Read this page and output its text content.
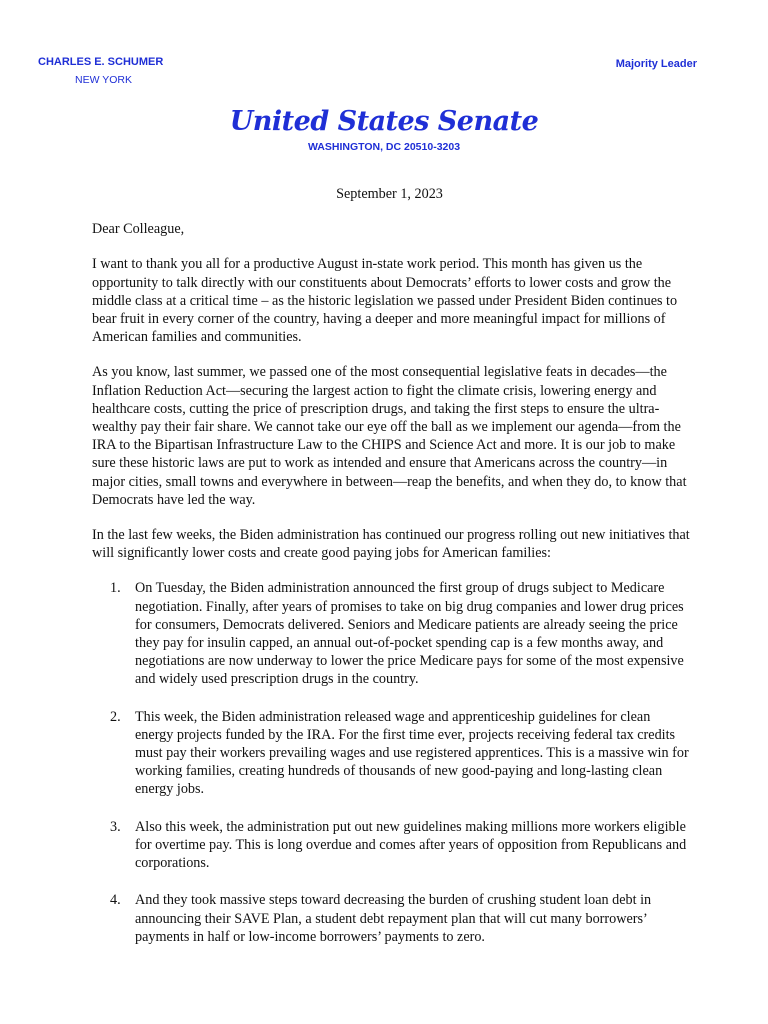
CHARLES E. SCHUMER
NEW YORK
Majority Leader
United States Senate
WASHINGTON, DC 20510-3203
September 1, 2023
Dear Colleague,
I want to thank you all for a productive August in-state work period. This month has given us the opportunity to talk directly with our constituents about Democrats’ efforts to lower costs and grow the middle class at a critical time – as the historic legislation we passed under President Biden continues to bear fruit in every corner of the country, having a deeper and more meaningful impact for millions of American families and communities.
As you know, last summer, we passed one of the most consequential legislative feats in decades—the Inflation Reduction Act—securing the largest action to fight the climate crisis, lowering energy and healthcare costs, cutting the price of prescription drugs, and taking the first steps to ensure the ultra-wealthy pay their fair share. We cannot take our eye off the ball as we implement our agenda—from the IRA to the Bipartisan Infrastructure Law to the CHIPS and Science Act and more. It is our job to make sure these historic laws are put to work as intended and ensure that Americans across the country—in major cities, small towns and everywhere in between—reap the benefits, and when they do, to know that Democrats have led the way.
In the last few weeks, the Biden administration has continued our progress rolling out new initiatives that will significantly lower costs and create good paying jobs for American families:
1. On Tuesday, the Biden administration announced the first group of drugs subject to Medicare negotiation. Finally, after years of promises to take on big drug companies and lower drug prices for consumers, Democrats delivered. Seniors and Medicare patients are already seeing the price they pay for insulin capped, an annual out-of-pocket spending cap is a few months away, and negotiations are now underway to lower the price Medicare pays for some of the most expensive and widely used prescription drugs in the country.
2. This week, the Biden administration released wage and apprenticeship guidelines for clean energy projects funded by the IRA. For the first time ever, projects receiving federal tax credits must pay their workers prevailing wages and use registered apprentices. This is a massive win for working families, creating hundreds of thousands of new good-paying and long-lasting clean energy jobs.
3. Also this week, the administration put out new guidelines making millions more workers eligible for overtime pay. This is long overdue and comes after years of opposition from Republicans and corporations.
4. And they took massive steps toward decreasing the burden of crushing student loan debt in announcing their SAVE Plan, a student debt repayment plan that will cut many borrowers’ payments in half or low-income borrowers’ payments to zero.
